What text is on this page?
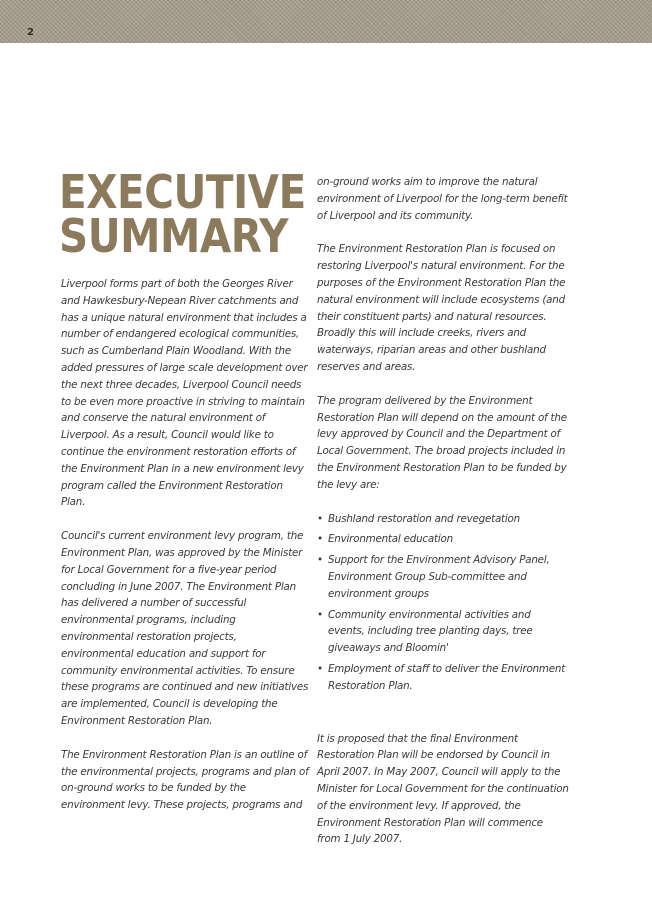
2
EXECUTIVE
SUMMARY

Liverpool forms part of both the Georges River and Hawkesbury-Nepean River catchments and has a unique natural environment that includes a number of endangered ecological communities, such as Cumberland Plain Woodland. With the added pressures of large scale development over the next three decades, Liverpool Council needs to be even more proactive in striving to maintain and conserve the natural environment of Liverpool. As a result, Council would like to continue the environment restoration efforts of the Environment Plan in a new environment levy program called the Environment Restoration Plan.

Council's current environment levy program, the Environment Plan, was approved by the Minister for Local Government for a five-year period concluding in June 2007. The Environment Plan has delivered a number of successful environmental programs, including environmental restoration projects, environmental education and support for community environmental activities. To ensure these programs are continued and new initiatives are implemented, Council is developing the Environment Restoration Plan.

The Environment Restoration Plan is an outline of the environmental projects, programs and plan of on-ground works to be funded by the environment levy. These projects, programs and

on-ground works aim to improve the natural environment of Liverpool for the long-term benefit of Liverpool and its community.

The Environment Restoration Plan is focused on restoring Liverpool's natural environment. For the purposes of the Environment Restoration Plan the natural environment will include ecosystems (and their constituent parts) and natural resources. Broadly this will include creeks, rivers and waterways, riparian areas and other bushland reserves and areas.

The program delivered by the Environment Restoration Plan will depend on the amount of the levy approved by Council and the Department of Local Government. The broad projects included in the Environment Restoration Plan to be funded by the levy are:

• Bushland restoration and revegetation
• Environmental education
• Support for the Environment Advisory Panel, Environment Group Sub-committee and environment groups
• Community environmental activities and events, including tree planting days, tree giveaways and Bloomin'
• Employment of staff to deliver the Environment Restoration Plan.

It is proposed that the final Environment Restoration Plan will be endorsed by Council in April 2007. In May 2007, Council will apply to the Minister for Local Government for the continuation of the environment levy. If approved, the Environment Restoration Plan will commence from 1 July 2007.
